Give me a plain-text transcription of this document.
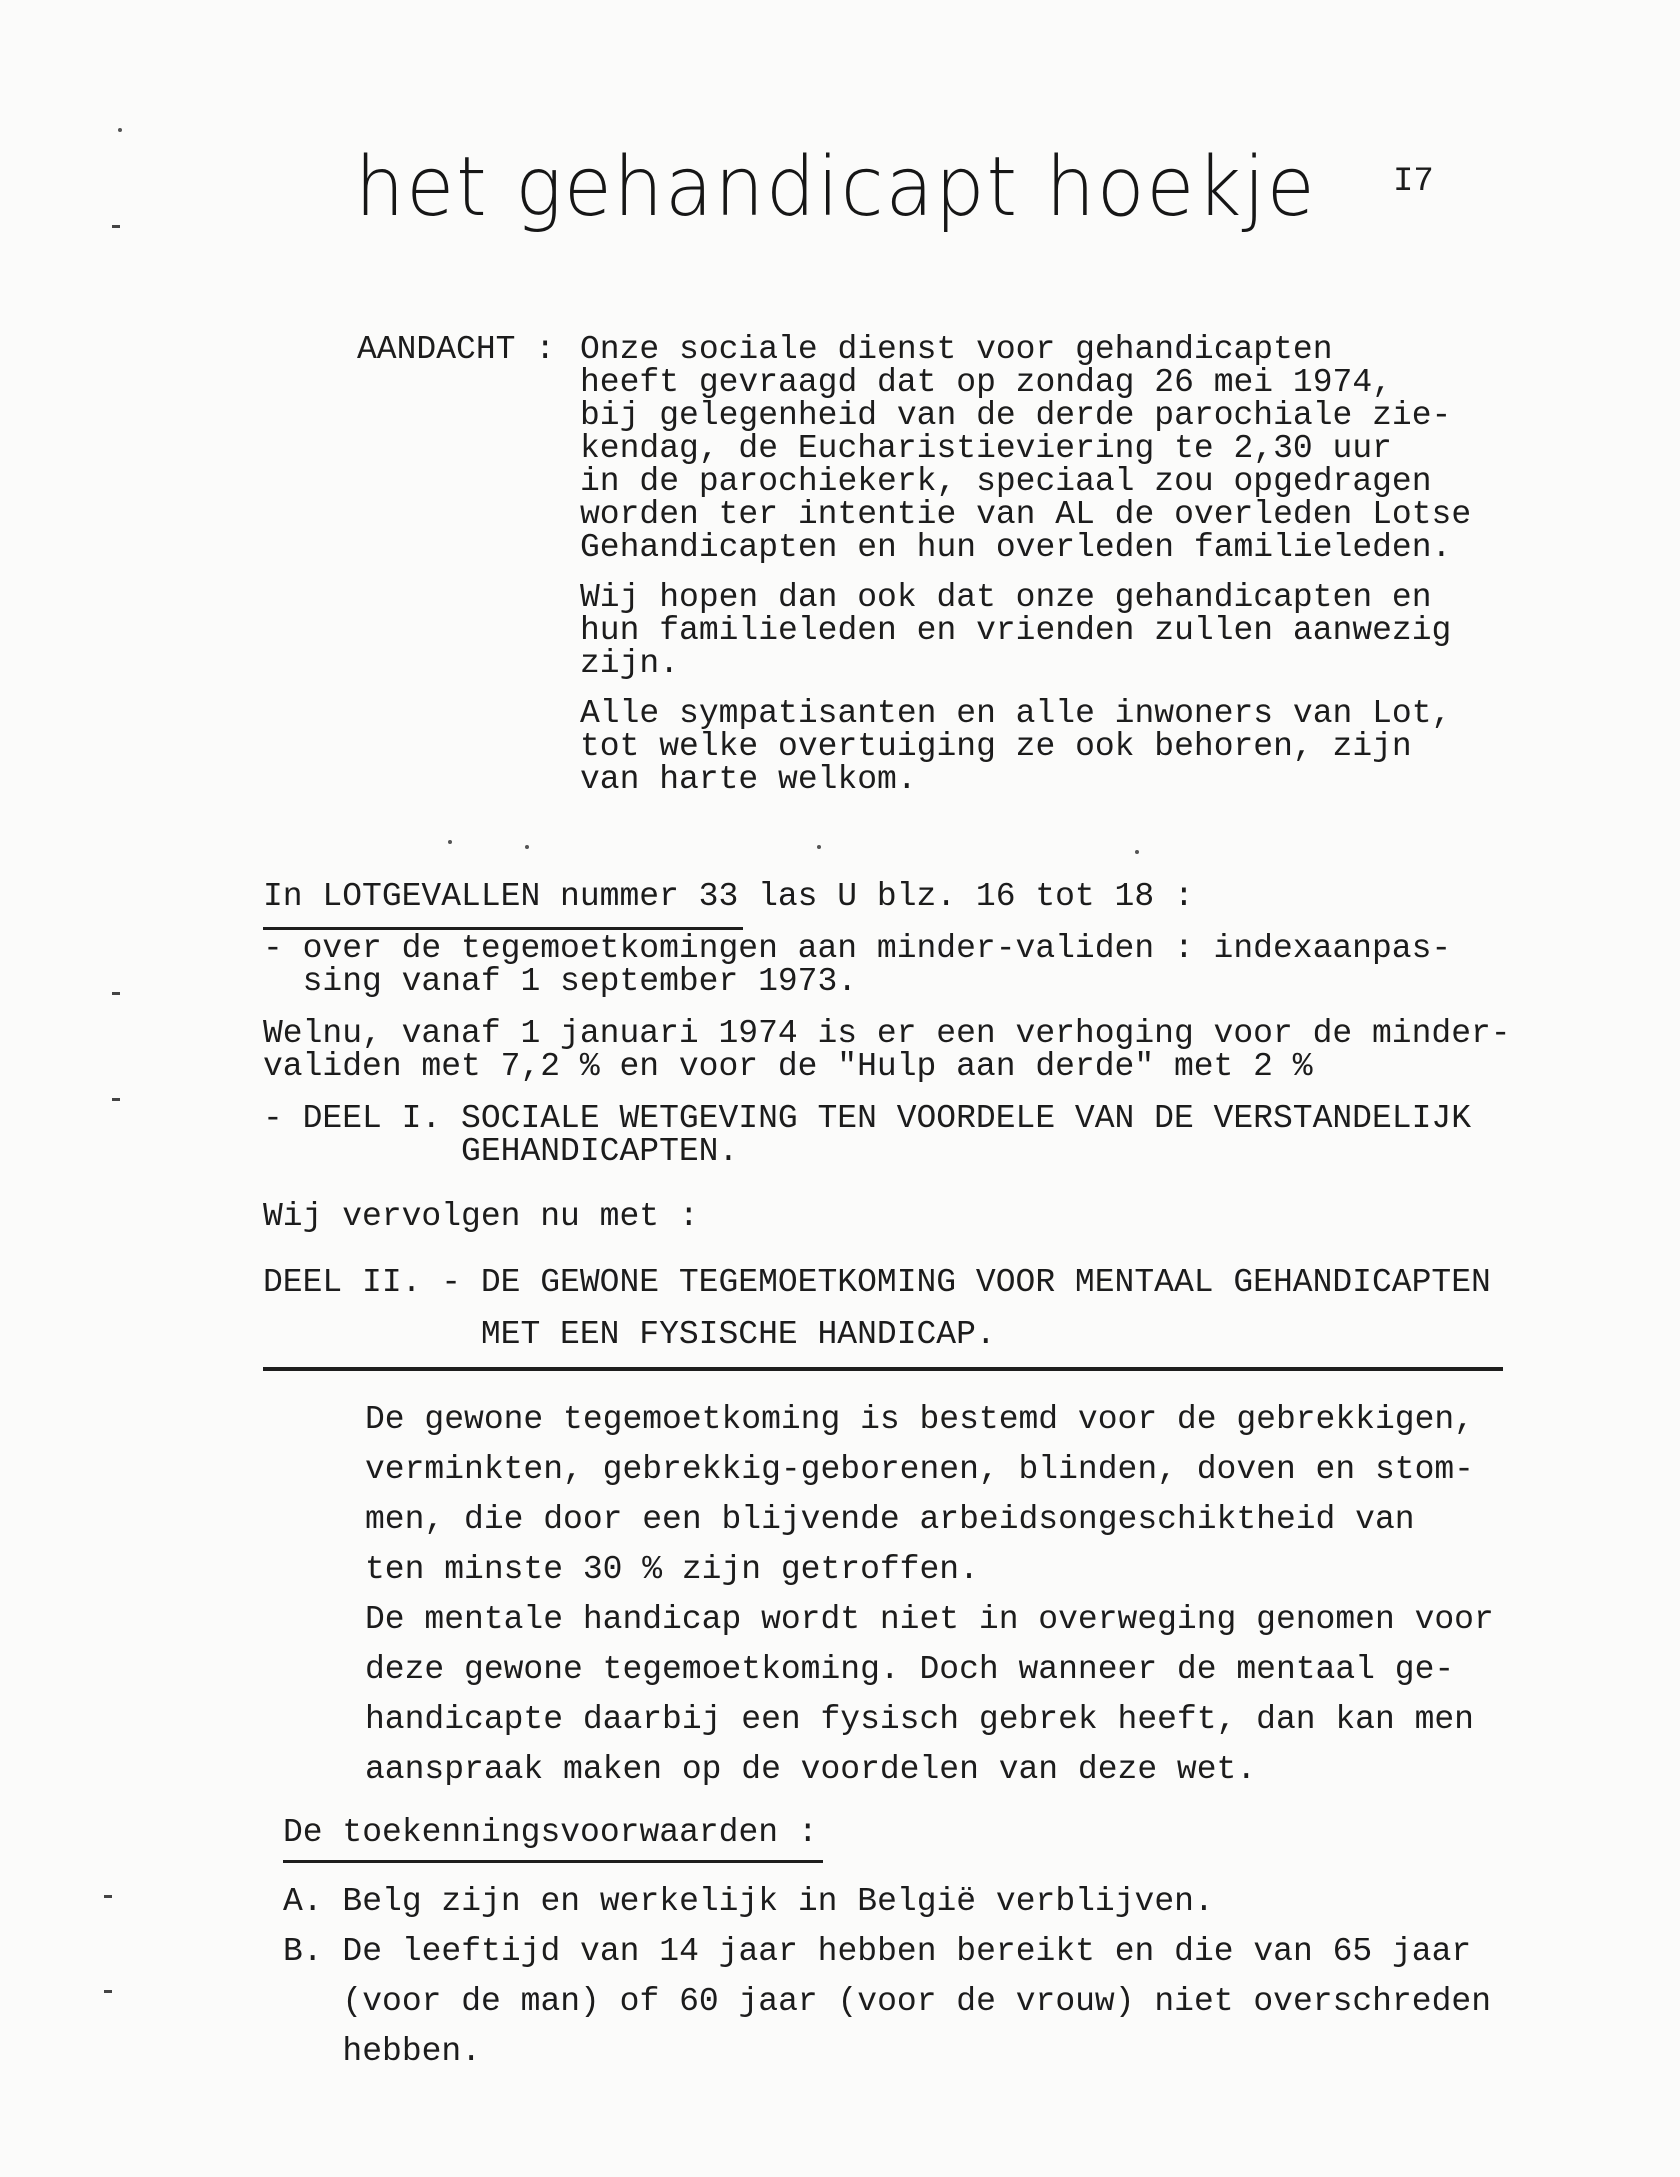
het gehandicapt hoekje I7
AANDACHT : Onze sociale dienst voor gehandicapten
heeft gevraagd dat op zondag 26 mei 1974,
bij gelegenheid van de derde parochiale zie-
kendag, de Eucharistieviering te 2,30 uur
in de parochiekerk, speciaal zou opgedragen
worden ter intentie van AL de overleden Lotse
Gehandicapten en hun overleden familieleden.
Wij hopen dan ook dat onze gehandicapten en
hun familieleden en vrienden zullen aanwezig
zijn.
Alle sympatisanten en alle inwoners van Lot,
tot welke overtuiging ze ook behoren, zijn
van harte welkom.
In LOTGEVALLEN nummer 33 las U blz. 16 tot 18 :
- over de tegemoetkomingen aan minder-validen : indexaanpas-
sing vanaf 1 september 1973.
Welnu, vanaf 1 januari 1974 is er een verhoging voor de minder-
validen met 7,2 % en voor de "Hulp aan derde" met 2 %
- DEEL I. SOCIALE WETGEVING TEN VOORDELE VAN DE VERSTANDELIJK
GEHANDICAPTEN.
Wij vervolgen nu met :
DEEL II. - DE GEWONE TEGEMOETKOMING VOOR MENTAAL GEHANDICAPTEN
MET EEN FYSISCHE HANDICAP.
De gewone tegemoetkoming is bestemd voor de gebrekkigen,
verminkten, gebrekkig-geborenen, blinden, doven en stom-
men, die door een blijvende arbeidsongeschiktheid van
ten minste 30 % zijn getroffen.
De mentale handicap wordt niet in overweging genomen voor
deze gewone tegemoetkoming. Doch wanneer de mentaal ge-
handicapte daarbij een fysisch gebrek heeft, dan kan men
aanspraak maken op de voordelen van deze wet.
De toekenningsvoorwaarden :
A. Belg zijn en werkelijk in België verblijven.
B. De leeftijd van 14 jaar hebben bereikt en die van 65 jaar
(voor de man) of 60 jaar (voor de vrouw) niet overschreden
hebben.
